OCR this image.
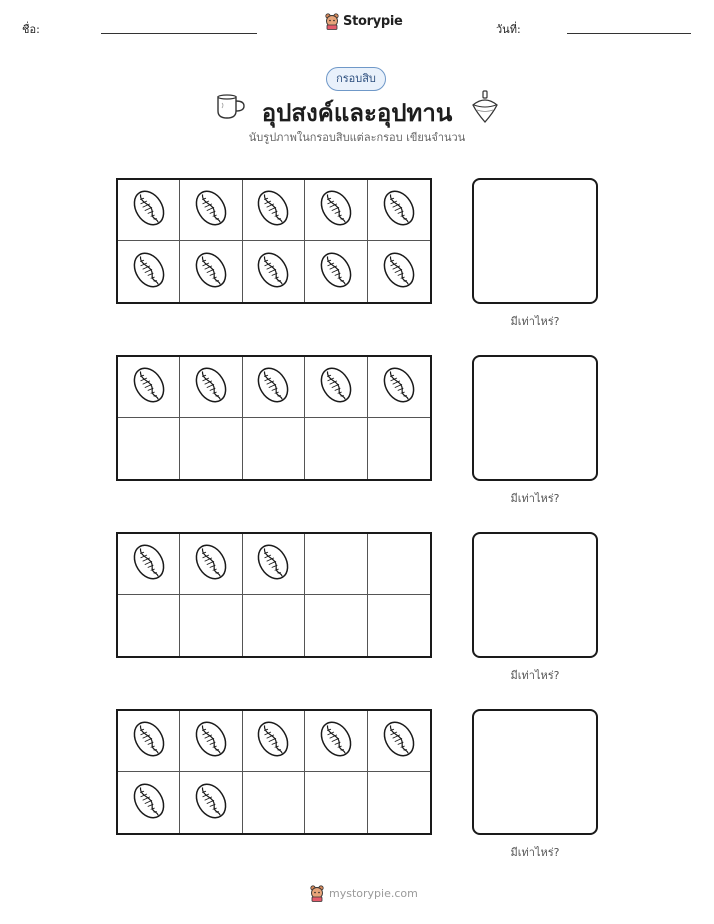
ชื่อ:
Storypie
วันที่:
กรอบสิบ
อุปสงค์และอุปทาน
นับรูปภาพในกรอบสิบแต่ละกรอบ เขียนจำนวน
มีเท่าไหร่?
มีเท่าไหร่?
มีเท่าไหร่?
มีเท่าไหร่?
mystorypie.com
